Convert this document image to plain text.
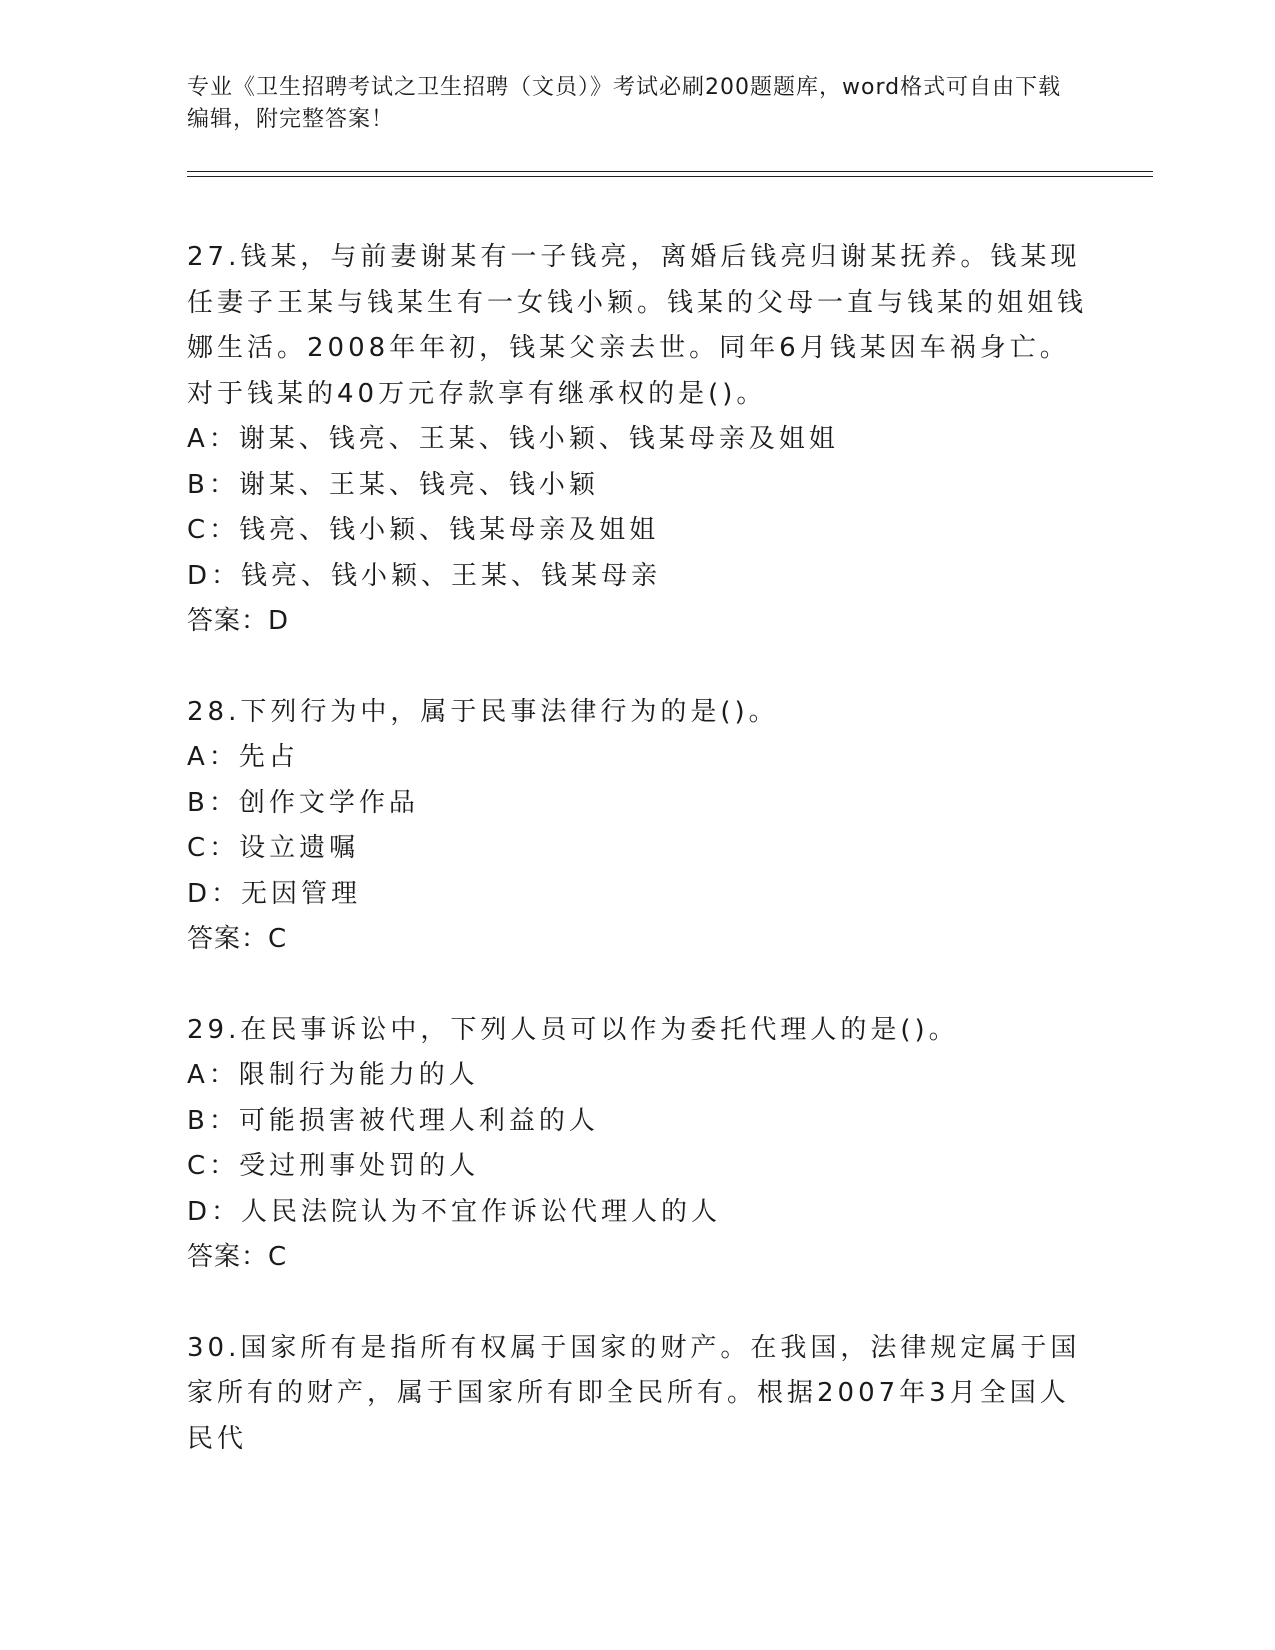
专业《卫生招聘考试之卫生招聘（文员）》考试必刷200题题库，word格式可自由下载编辑，附完整答案！

27.钱某，与前妻谢某有一子钱亮，离婚后钱亮归谢某抚养。钱某现任妻子王某与钱某生有一女钱小颖。钱某的父母一直与钱某的姐姐钱娜生活。2008年年初，钱某父亲去世。同年6月钱某因车祸身亡。对于钱某的40万元存款享有继承权的是()。

A：谢某、钱亮、王某、钱小颖、钱某母亲及姐姐

B：谢某、王某、钱亮、钱小颖

C：钱亮、钱小颖、钱某母亲及姐姐

D：钱亮、钱小颖、王某、钱某母亲

答案：D

28.下列行为中，属于民事法律行为的是()。

A：先占

B：创作文学作品

C：设立遗嘱

D：无因管理

答案：C

29.在民事诉讼中，下列人员可以作为委托代理人的是()。

A：限制行为能力的人

B：可能损害被代理人利益的人

C：受过刑事处罚的人

D：人民法院认为不宜作诉讼代理人的人

答案：C

30.国家所有是指所有权属于国家的财产。在我国，法律规定属于国家所有的财产，属于国家所有即全民所有。根据2007年3月全国人民代
